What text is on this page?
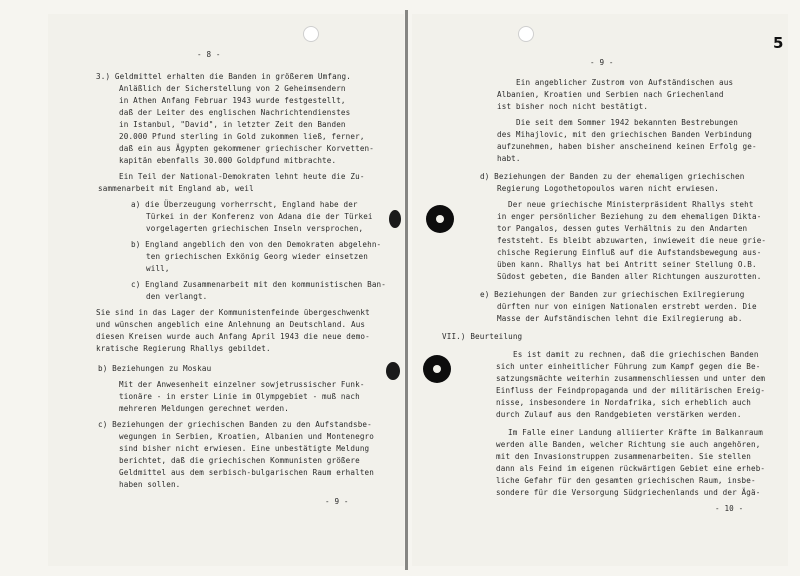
5
- 8 -
- 9 -
- 9 -
- 10 -
3.) Geldmittel erhalten die Banden in größerem Umfang.
Anläßlich der Sicherstellung von 2 Geheimsendern
in Athen Anfang Februar 1943 wurde festgestellt,
daß der Leiter des englischen Nachrichtendienstes
in Istanbul, "David", in letzter Zeit den Banden
20.000 Pfund sterling in Gold zukommen ließ, ferner,
daß ein aus Ägypten gekommener griechischer Korvetten-
kapitän ebenfalls 30.000 Goldpfund mitbrachte.
Ein Teil der National-Demokraten lehnt heute die Zu-
sammenarbeit mit England ab, weil
a) die Überzeugung vorherrscht, England habe der
Türkei in der Konferenz von Adana die der Türkei
vorgelagerten griechischen Inseln versprochen,
b) England angeblich den von den Demokraten abgelehn-
ten griechischen Exkönig Georg wieder einsetzen
will,
c) England Zusammenarbeit mit den kommunistischen Ban-
den verlangt.
Sie sind in das Lager der Kommunistenfeinde übergeschwenkt
und wünschen angeblich eine Anlehnung an Deutschland. Aus
diesen Kreisen wurde auch Anfang April 1943 die neue demo-
kratische Regierung Rhallys gebildet.
b) Beziehungen zu Moskau
Mit der Anwesenheit einzelner sowjetrussischer Funk-
tionäre - in erster Linie im Olympgebiet - muß nach
mehreren Meldungen gerechnet werden.
c) Beziehungen der griechischen Banden zu den Aufstandsbe-
wegungen in Serbien, Kroatien, Albanien und Montenegro
sind bisher nicht erwiesen. Eine unbestätigte Meldung
berichtet, daß die griechischen Kommunisten größere
Geldmittel aus dem serbisch-bulgarischen Raum erhalten
haben sollen.
Ein angeblicher Zustrom von Aufständischen aus
Albanien, Kroatien und Serbien nach Griechenland
ist bisher noch nicht bestätigt.
Die seit dem Sommer 1942 bekannten Bestrebungen
des Mihajlovic, mit den griechischen Banden Verbindung
aufzunehmen, haben bisher anscheinend keinen Erfolg ge-
habt.
d) Beziehungen der Banden zu der ehemaligen griechischen
Regierung Logothetopoulos waren nicht erwiesen.
Der neue griechische Ministerpräsident Rhallys steht
in enger persönlicher Beziehung zu dem ehemaligen Dikta-
tor Pangalos, dessen gutes Verhältnis zu den Andarten
feststeht. Es bleibt abzuwarten, inwieweit die neue grie-
chische Regierung Einfluß auf die Aufstandsbewegung aus-
üben kann. Rhallys hat bei Antritt seiner Stellung O.B.
Südost gebeten, die Banden aller Richtungen auszurotten.
e) Beziehungen der Banden zur griechischen Exilregierung
dürften nur von einigen Nationalen erstrebt werden. Die
Masse der Aufständischen lehnt die Exilregierung ab.
VII.) Beurteilung
Es ist damit zu rechnen, daß die griechischen Banden
sich unter einheitlicher Führung zum Kampf gegen die Be-
satzungsmächte weiterhin zusammenschliessen und unter dem
Einfluss der Feindpropaganda und der militärischen Ereig-
nisse, insbesondere in Nordafrika, sich erheblich auch
durch Zulauf aus den Randgebieten verstärken werden.
Im Falle einer Landung alliierter Kräfte im Balkanraum
werden alle Banden, welcher Richtung sie auch angehören,
mit den Invasionstruppen zusammenarbeiten. Sie stellen
dann als Feind im eigenen rückwärtigen Gebiet eine erheb-
liche Gefahr für den gesamten griechischen Raum, insbe-
sondere für die Versorgung Südgriechenlands und der Ägä-
